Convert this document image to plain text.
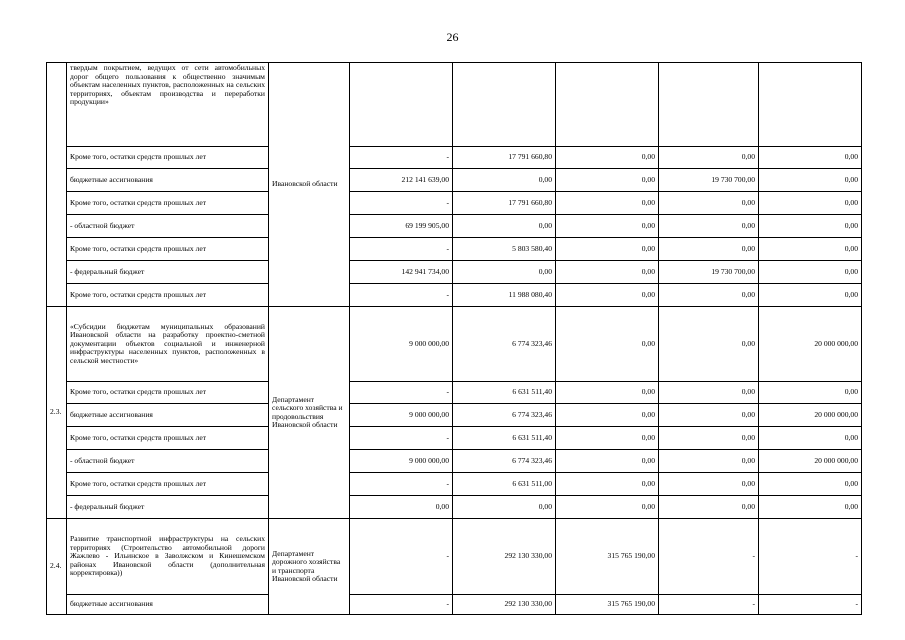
26
	твердым покрытием, ведущих от сети автомобильных дорог общего пользования к общественно значимым объектам населенных пунктов, расположенных на сельских территориях, объектам производства и переработки продукции»	Ивановской области					
	Кроме того, остатки средств прошлых лет		-	17 791 660,80	0,00	0,00	0,00
	бюджетные ассигнования		212 141 639,00	0,00	0,00	19 730 700,00	0,00
	Кроме того, остатки средств прошлых лет		-	17 791 660,80	0,00	0,00	0,00
	- областной бюджет		69 199 905,00	0,00	0,00	0,00	0,00
	Кроме того, остатки средств прошлых лет		-	5 803 580,40	0,00	0,00	0,00
	- федеральный бюджет		142 941 734,00	0,00	0,00	19 730 700,00	0,00
	Кроме того, остатки средств прошлых лет		-	11 988 080,40	0,00	0,00	0,00
2.3.	«Субсидии бюджетам муниципальных образований Ивановской области на разработку проектно-сметной документации объектов социальной и инженерной инфраструктуры населенных пунктов, расположенных в сельской местности»	Департамент сельского хозяйства и продовольствия Ивановской области	9 000 000,00	6 774 323,46	0,00	0,00	20 000 000,00
	Кроме того, остатки средств прошлых лет		-	6 631 511,40	0,00	0,00	0,00
	бюджетные ассигнования		9 000 000,00	6 774 323,46	0,00	0,00	20 000 000,00
	Кроме того, остатки средств прошлых лет		-	6 631 511,40	0,00	0,00	0,00
	- областной бюджет		9 000 000,00	6 774 323,46	0,00	0,00	20 000 000,00
	Кроме того, остатки средств прошлых лет		-	6 631 511,00	0,00	0,00	0,00
	- федеральный бюджет		0,00	0,00	0,00	0,00	0,00
2.4.	Развитие транспортной инфраструктуры на сельских территориях (Строительство автомобильной дороги Жажлево - Ильинское в Заволжском и Кинешемском районах Ивановской области (дополнительная корректировка))	Департамент дорожного хозяйства и транспорта Ивановской области	-	292 130 330,00	315 765 190,00	-	-
	бюджетные ассигнования		-	292 130 330,00	315 765 190,00	-	-
